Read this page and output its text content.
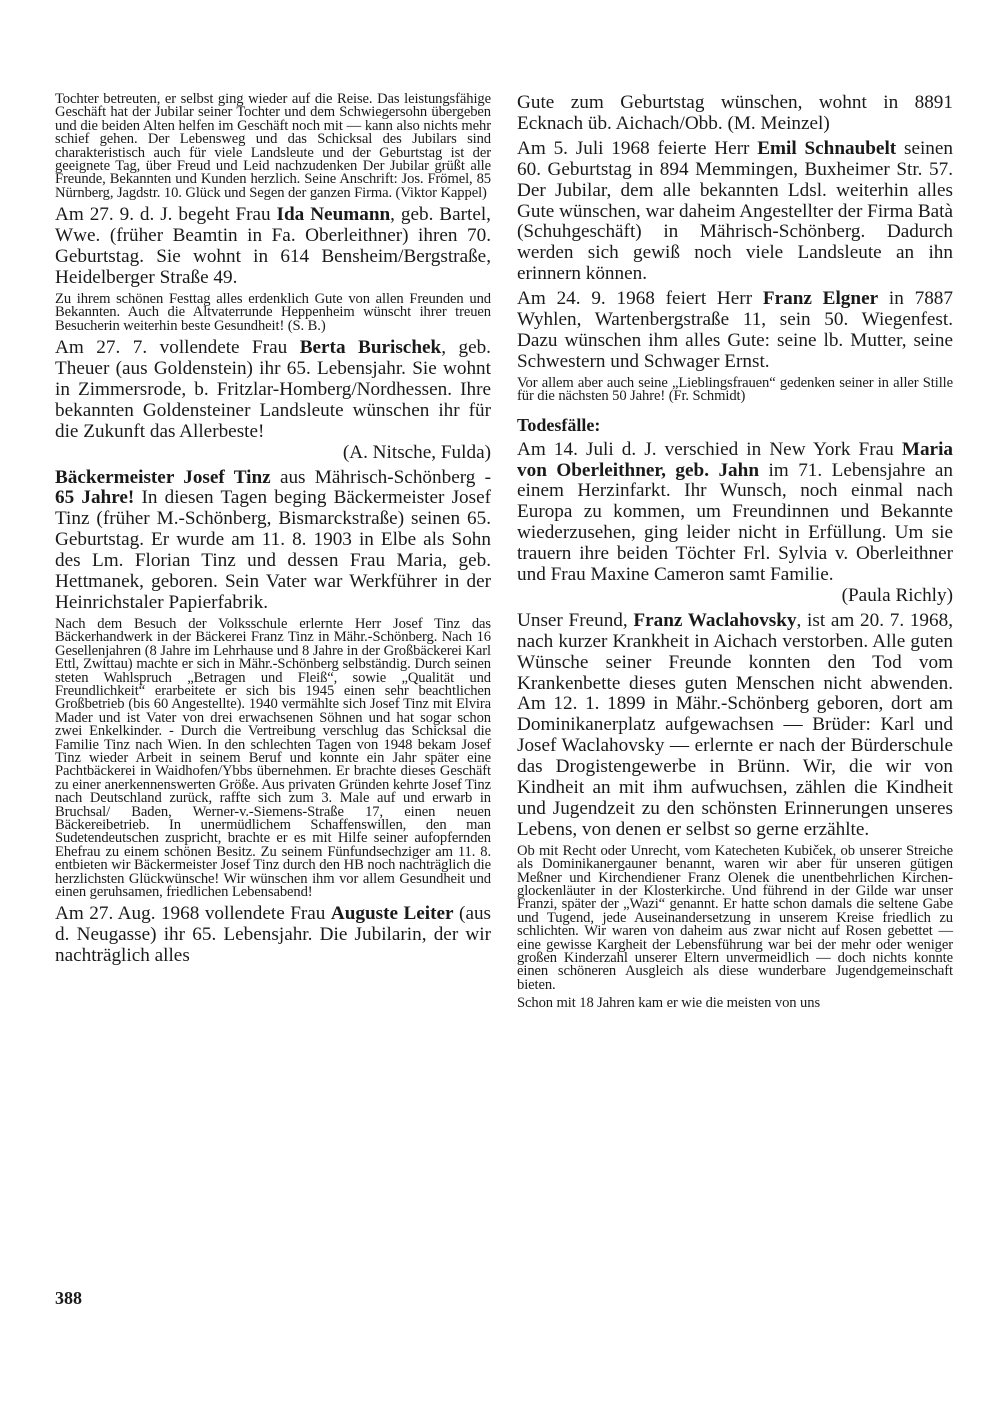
Tochter betreuten, er selbst ging wieder auf die Reise. Das leistungsfähige Geschäft hat der Jubilar seiner Tochter und dem Schwiegersohn übergeben und die beiden Alten helfen im Geschäft noch mit — kann also nichts mehr schief gehen. Der Lebensweg und das Schicksal des Jubilars sind charakteristisch auch für viele Landsleute und der Geburtstag ist der geeignete Tag, über Freud und Leid nachzudenken Der Jubilar grüßt alle Freunde, Bekannten und Kunden herzlich. Seine Anschrift: Jos. Frömel, 85 Nürnberg, Jagdstr. 10. Glück und Segen der ganzen Firma. (Viktor Kappel)

Am 27. 9. d. J. begeht Frau Ida Neumann, geb. Bartel, Wwe. (früher Beamtin in Fa. Oberleithner) ihren 70. Geburtstag. Sie wohnt in 614 Bensheim/Bergstraße, Heidelberger Straße 49.

Zu ihrem schönen Festtag alles erdenklich Gute von allen Freunden und Bekannten. Auch die Altvaterrunde Heppenheim wünscht ihrer treuen Besucherin weiterhin beste Gesundheit! (S. B.)

Am 27. 7. vollendete Frau Berta Burischek, geb. Theuer (aus Goldenstein) ihr 65. Lebensjahr. Sie wohnt in Zimmersrode, b. Fritzlar-Homberg/Nordhessen. Ihre bekannten Goldensteiner Landsleute wünschen ihr für die Zukunft das Allerbeste!
(A. Nitsche, Fulda)

Bäckermeister Josef Tinz aus Mährisch-Schönberg - 65 Jahre! In diesen Tagen beging Bäckermeister Josef Tinz (früher M.-Schönberg, Bismarckstraße) seinen 65. Geburtstag. Er wurde am 11. 8. 1903 in Elbe als Sohn des Lm. Florian Tinz und dessen Frau Maria, geb. Hettmanek, geboren. Sein Vater war Werkführer in der Heinrichstaler Papierfabrik.

Nach dem Besuch der Volksschule erlernte Herr Josef Tinz das Bäckerhandwerk in der Bäckerei Franz Tinz in Mähr.-Schönberg. Nach 16 Gesellenjahren (8 Jahre im Lehrhause und 8 Jahre in der Großbäckerei Karl Ettl, Zwittau) machte er sich in Mähr.-Schönberg selbständig. Durch seinen steten Wahlspruch „Betragen und Fleiß“, sowie „Qualität und Freundlichkeit“ erarbeitete er sich bis 1945 einen sehr beachtlichen Großbetrieb (bis 60 Angestellte). 1940 vermählte sich Josef Tinz mit Elvira Mader und ist Vater von drei erwachsenen Söhnen und hat sogar schon zwei Enkelkinder. - Durch die Vertreibung verschlug das Schicksal die Familie Tinz nach Wien. In den schlechten Tagen von 1948 bekam Josef Tinz wieder Arbeit in seinem Beruf und konnte ein Jahr später eine Pachtbäckerei in Waidhofen/Ybbs übernehmen. Er brachte dieses Geschäft zu einer anerkennenswerten Größe. Aus privaten Gründen kehrte Josef Tinz nach Deutschland zurück, raffte sich zum 3. Male auf und erwarb in Bruchsal/ Baden, Werner-v.-Siemens-Straße 17, einen neuen Bäckereibetrieb. In unermüdlichem Schaffenswillen, den man Sudetendeutschen zuspricht, brachte er es mit Hilfe seiner aufopfernden Ehefrau zu einem schönen Besitz. Zu seinem Fünfundsechziger am 11. 8. entbieten wir Bäckermeister Josef Tinz durch den HB noch nachträglich die herzlichsten Glückwünsche! Wir wünschen ihm vor allem Gesundheit und einen geruhsamen, friedlichen Lebensabend!

Am 27. Aug. 1968 vollendete Frau Auguste Leiter (aus d. Neugasse) ihr 65. Lebensjahr. Die Jubilarin, der wir nachträglich alles

Gute zum Geburtstag wünschen, wohnt in 8891 Ecknach üb. Aichach/Obb. (M. Meinzel)

Am 5. Juli 1968 feierte Herr Emil Schnaubelt seinen 60. Geburtstag in 894 Memmingen, Buxheimer Str. 57. Der Jubilar, dem alle bekannten Ldsl. weiterhin alles Gute wünschen, war daheim Angestellter der Firma Batà (Schuhgeschäft) in Mährisch-Schönberg. Dadurch werden sich gewiß noch viele Landsleute an ihn erinnern können.

Am 24. 9. 1968 feiert Herr Franz Elgner in 7887 Wyhlen, Wartenbergstraße 11, sein 50. Wiegenfest. Dazu wünschen ihm alles Gute: seine lb. Mutter, seine Schwestern und Schwager Ernst.

Vor allem aber auch seine „Lieblingsfrauen“ gedenken seiner in aller Stille für die nächsten 50 Jahre! (Fr. Schmidt)

Todesfälle:

Am 14. Juli d. J. verschied in New York Frau Maria von Oberleithner, geb. Jahn im 71. Lebensjahre an einem Herzinfarkt. Ihr Wunsch, noch einmal nach Europa zu kommen, um Freundinnen und Bekannte wiederzusehen, ging leider nicht in Erfüllung. Um sie trauern ihre beiden Töchter Frl. Sylvia v. Oberleithner und Frau Maxine Cameron samt Familie.
(Paula Richly)

Unser Freund, Franz Waclahovsky, ist am 20. 7. 1968, nach kurzer Krankheit in Aichach verstorben. Alle guten Wünsche seiner Freunde konnten den Tod vom Krankenbette dieses guten Menschen nicht abwenden. Am 12. 1. 1899 in Mähr.-Schönberg geboren, dort am Dominikanerplatz aufgewachsen — Brüder: Karl und Josef Waclahovsky — erlernte er nach der Bürderschule das Drogistengewerbe in Brünn. Wir, die wir von Kindheit an mit ihm aufwuchsen, zählen die Kindheit und Jugendzeit zu den schönsten Erinnerungen unseres Lebens, von denen er selbst so gerne erzählte.

Ob mit Recht oder Unrecht, vom Katecheten Kubiček, ob unserer Streiche als Dominikanergauner benannt, waren wir aber für unseren gütigen Meßner und Kirchendiener Franz Olenek die unentbehrlichen Kirchenglockenläuter in der Klosterkirche. Und führend in der Gilde war unser Franzi, später der „Wazi“ genannt. Er hatte schon damals die seltene Gabe und Tugend, jede Auseinandersetzung in unserem Kreise friedlich zu schlichten. Wir waren von daheim aus zwar nicht auf Rosen gebettet — eine gewisse Kargheit der Lebensführung war bei der mehr oder weniger großen Kinderzahl unserer Eltern unvermeidlich — doch nichts konnte einen schöneren Ausgleich als diese wunderbare Jugendgemeinschaft bieten.

Schon mit 18 Jahren kam er wie die meisten von uns

388
